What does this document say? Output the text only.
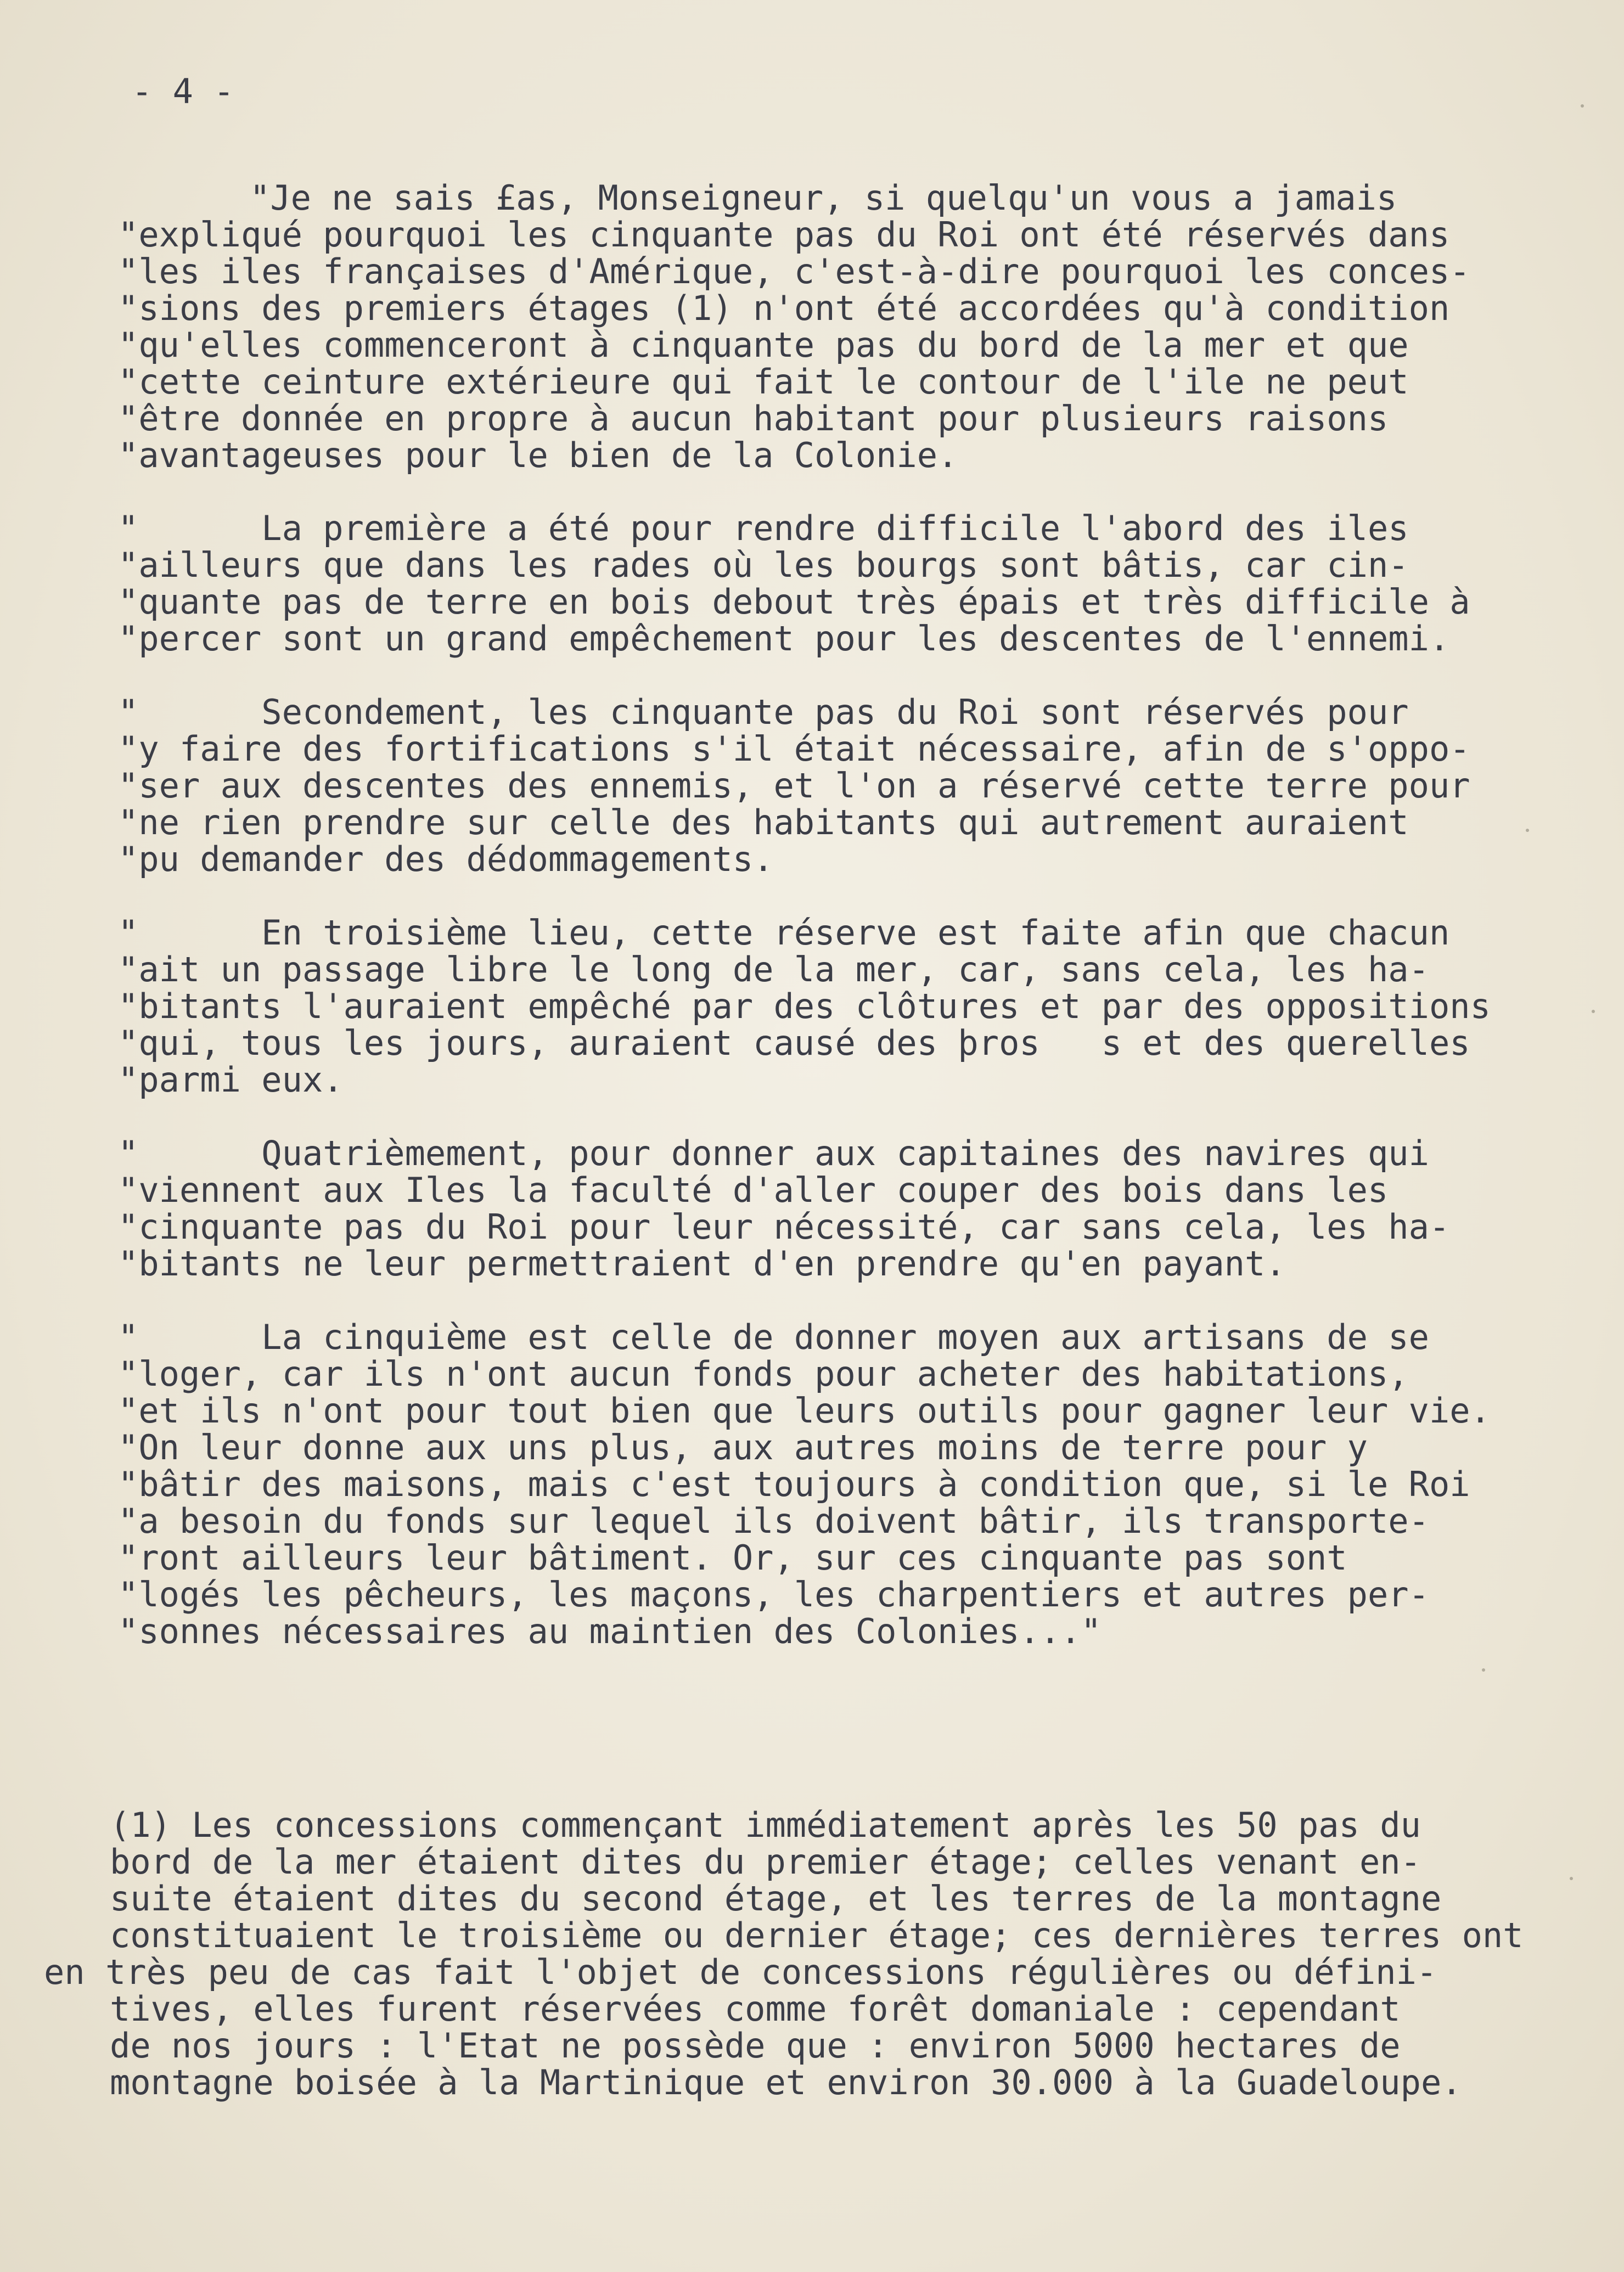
- 4 -

"Je ne sais £as, Monseigneur, si quelqu'un vous a jamais

"expliqué pourquoi les cinquante pas du Roi ont été réservés dans

"les iles françaises d'Amérique, c'est-à-dire pourquoi les conces-

"sions des premiers étages (1) n'ont été accordées qu'à condition

"qu'elles commenceront à cinquante pas du bord de la mer et que

"cette ceinture extérieure qui fait le contour de l'ile ne peut

"être donnée en propre à aucun habitant pour plusieurs raisons

"avantageuses pour le bien de la Colonie.

"      La première a été pour rendre difficile l'abord des iles

"ailleurs que dans les rades où les bourgs sont bâtis, car cin-

"quante pas de terre en bois debout très épais et très difficile à

"percer sont un grand empêchement pour les descentes de l'ennemi.

"      Secondement, les cinquante pas du Roi sont réservés pour

"y faire des fortifications s'il était nécessaire, afin de s'oppo-

"ser aux descentes des ennemis, et l'on a réservé cette terre pour

"ne rien prendre sur celle des habitants qui autrement auraient

"pu demander des dédommagements.

"      En troisième lieu, cette réserve est faite afin que chacun

"ait un passage libre le long de la mer, car, sans cela, les ha-

"bitants l'auraient empêché par des clôtures et par des oppositions

"qui, tous les jours, auraient causé des þros   s et des querelles

"parmi eux.

"      Quatrièmement, pour donner aux capitaines des navires qui

"viennent aux Iles la faculté d'aller couper des bois dans les

"cinquante pas du Roi pour leur nécessité, car sans cela, les ha-

"bitants ne leur permettraient d'en prendre qu'en payant.

"      La cinquième est celle de donner moyen aux artisans de se

"loger, car ils n'ont aucun fonds pour acheter des habitations,

"et ils n'ont pour tout bien que leurs outils pour gagner leur vie.

"On leur donne aux uns plus, aux autres moins de terre pour y

"bâtir des maisons, mais c'est toujours à condition que, si le Roi

"a besoin du fonds sur lequel ils doivent bâtir, ils transporte-

"ront ailleurs leur bâtiment. Or, sur ces cinquante pas sont

"logés les pêcheurs, les maçons, les charpentiers et autres per-

"sonnes nécessaires au maintien des Colonies..."

(1) Les concessions commençant immédiatement après les 50 pas du

bord de la mer étaient dites du premier étage; celles venant en-

suite étaient dites du second étage, et les terres de la montagne

constituaient le troisième ou dernier étage; ces dernières terres ont

en très peu de cas fait l'objet de concessions régulières ou défini-

tives, elles furent réservées comme forêt domaniale : cependant

de nos jours : l'Etat ne possède que : environ 5000 hectares de

montagne boisée à la Martinique et environ 30.000 à la Guadeloupe.
